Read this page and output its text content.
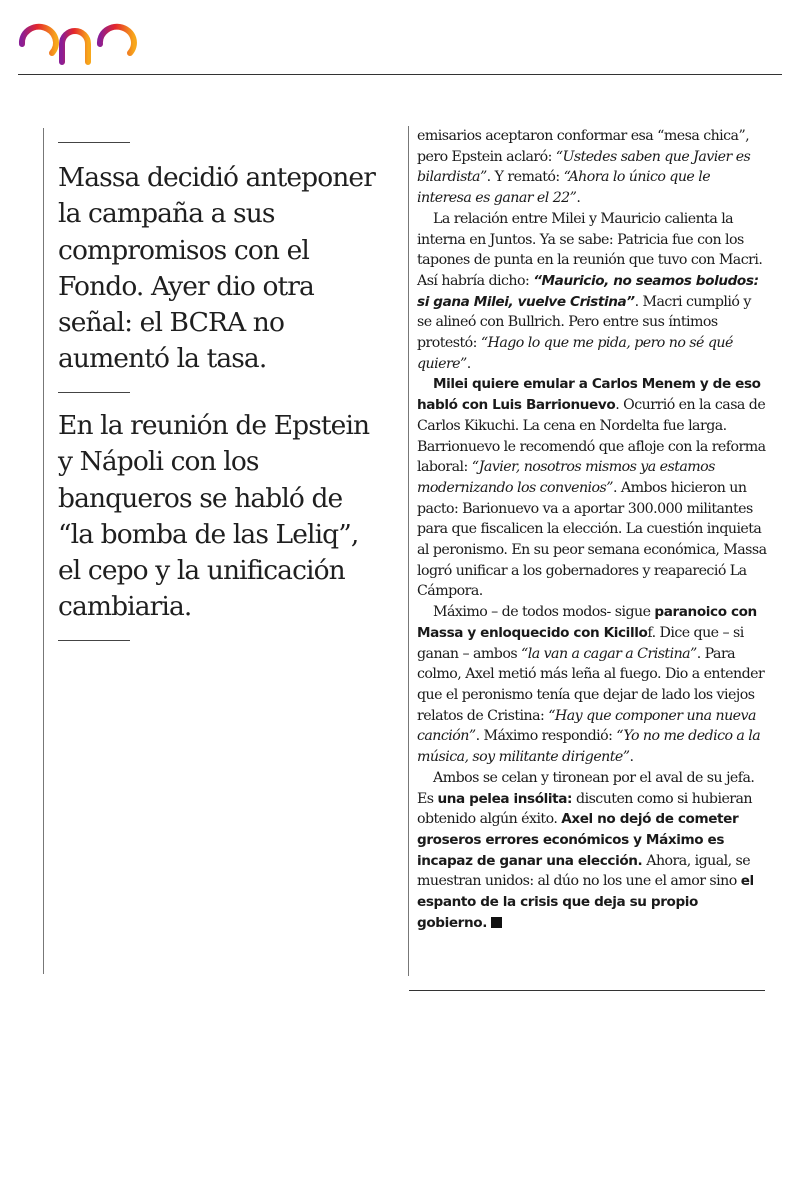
Massa decidió anteponer la campaña a sus compromisos con el Fondo. Ayer dio otra señal: el BCRA no aumentó la tasa.

En la reunión de Epstein y Nápoli con los banqueros se habló de “la bomba de las Leliq”, el cepo y la unificación cambiaria.

emisarios aceptaron conformar esa “mesa chica”, pero Epstein aclaró: “Ustedes saben que Javier es bilardista”. Y remató: “Ahora lo único que le interesa es ganar el 22”.

La relación entre Milei y Mauricio calienta la interna en Juntos. Ya se sabe: Patricia fue con los tapones de punta en la reunión que tuvo con Macri. Así habría dicho: “Mauricio, no seamos boludos: si gana Milei, vuelve Cristina”. Macri cumplió y se alineó con Bullrich. Pero entre sus íntimos protestó: “Hago lo que me pida, pero no sé qué quiere”.

Milei quiere emular a Carlos Menem y de eso habló con Luis Barrionuevo. Ocurrió en la casa de Carlos Kikuchi. La cena en Nordelta fue larga. Barrionuevo le recomendó que afloje con la reforma laboral: “Javier, nosotros mismos ya estamos modernizando los convenios”. Ambos hicieron un pacto: Barionuevo va a aportar 300.000 militantes para que fiscalicen la elección. La cuestión inquieta al peronismo. En su peor semana económica, Massa logró unificar a los gobernadores y reapareció La Cámpora.

Máximo – de todos modos- sigue paranoico con Massa y enloquecido con Kicillof. Dice que – si ganan – ambos “la van a cagar a Cristina”. Para colmo, Axel metió más leña al fuego. Dio a entender que el peronismo tenía que dejar de lado los viejos relatos de Cristina: “Hay que componer una nueva canción”. Máximo respondió: “Yo no me dedico a la música, soy militante dirigente”.

Ambos se celan y tironean por el aval de su jefa. Es una pelea insólita: discuten como si hubieran obtenido algún éxito. Axel no dejó de cometer groseros errores económicos y Máximo es incapaz de ganar una elección. Ahora, igual, se muestran unidos: al dúo no los une el amor sino el espanto de la crisis que deja su propio gobierno.
